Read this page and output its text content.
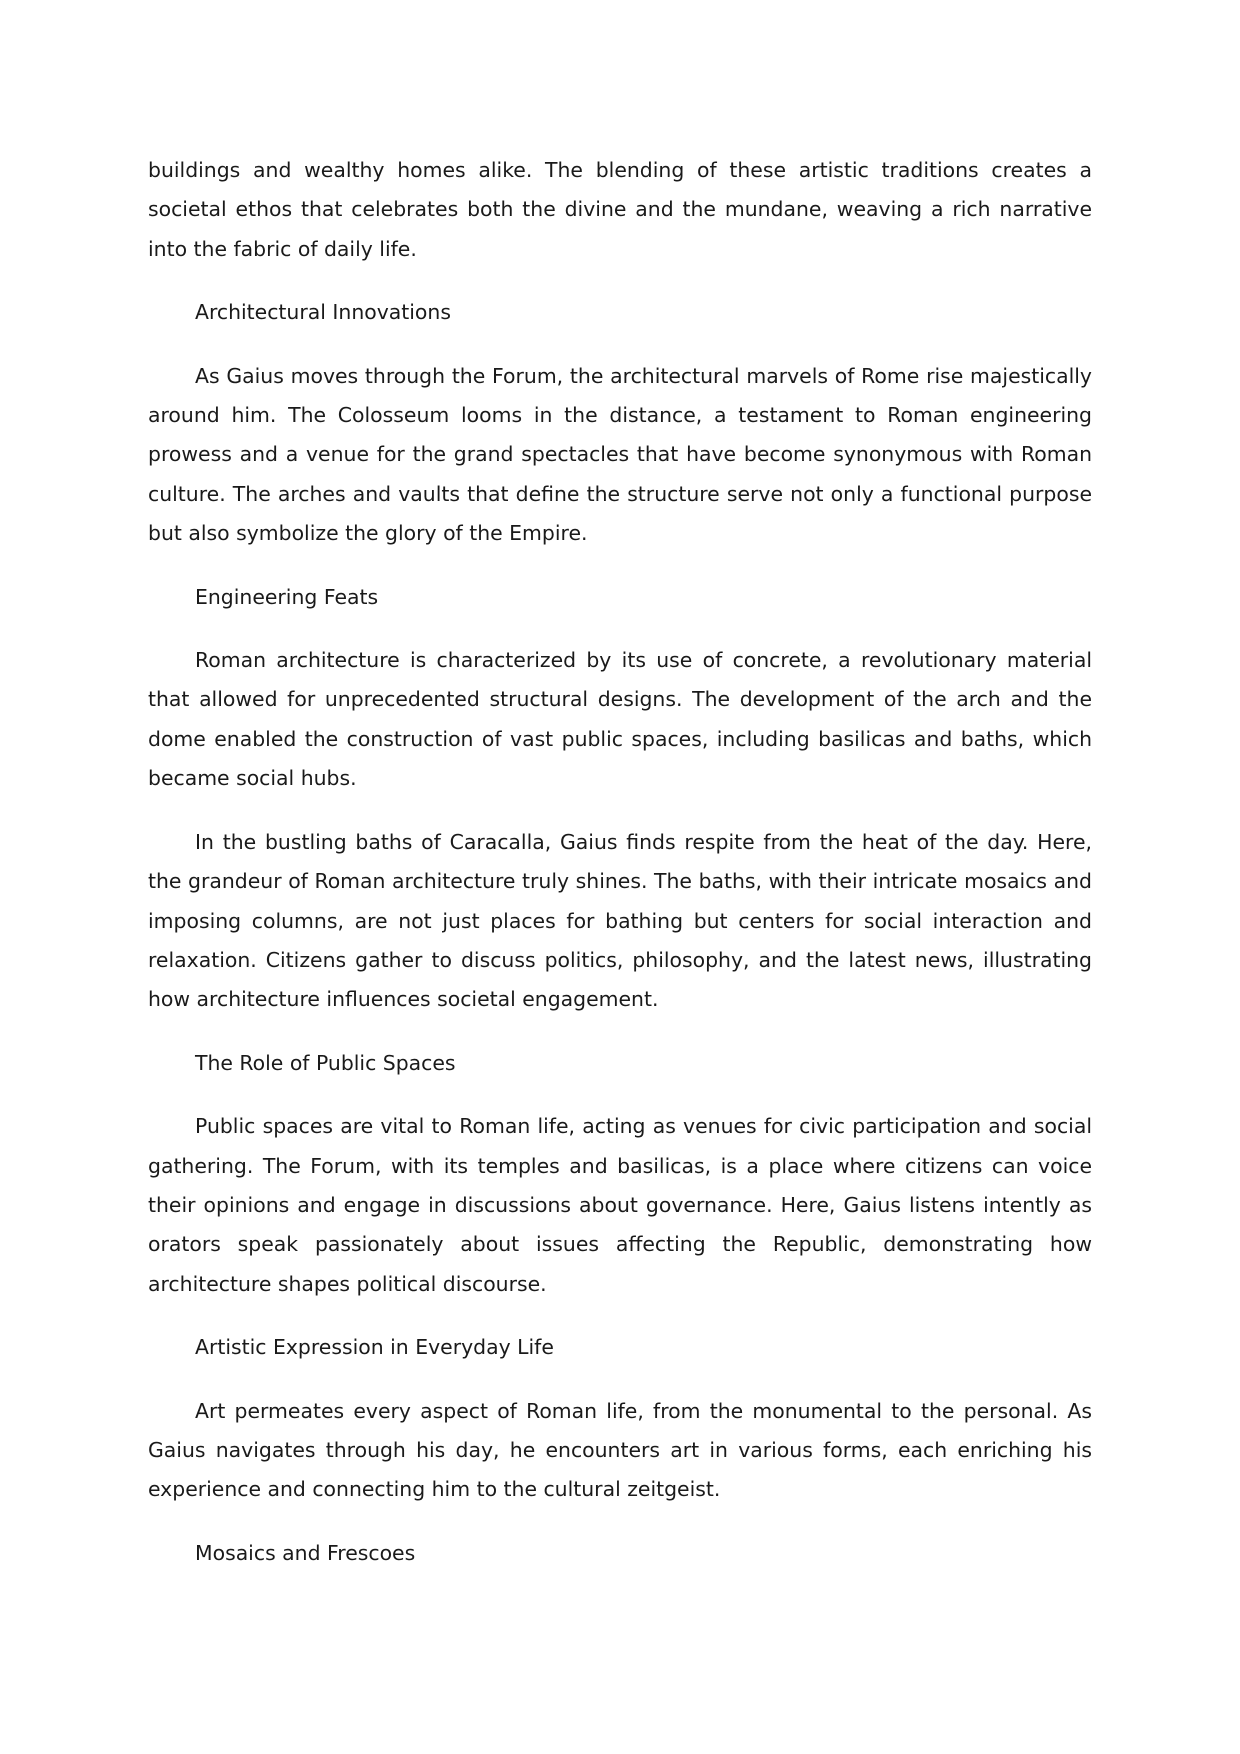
buildings and wealthy homes alike. The blending of these artistic traditions creates a societal ethos that celebrates both the divine and the mundane, weaving a rich narrative into the fabric of daily life.

Architectural Innovations

As Gaius moves through the Forum, the architectural marvels of Rome rise majestically around him. The Colosseum looms in the distance, a testament to Roman engineering prowess and a venue for the grand spectacles that have become synonymous with Roman culture. The arches and vaults that define the structure serve not only a functional purpose but also symbolize the glory of the Empire.

Engineering Feats

Roman architecture is characterized by its use of concrete, a revolutionary material that allowed for unprecedented structural designs. The development of the arch and the dome enabled the construction of vast public spaces, including basilicas and baths, which became social hubs.

In the bustling baths of Caracalla, Gaius finds respite from the heat of the day. Here, the grandeur of Roman architecture truly shines. The baths, with their intricate mosaics and imposing columns, are not just places for bathing but centers for social interaction and relaxation. Citizens gather to discuss politics, philosophy, and the latest news, illustrating how architecture influences societal engagement.

The Role of Public Spaces

Public spaces are vital to Roman life, acting as venues for civic participation and social gathering. The Forum, with its temples and basilicas, is a place where citizens can voice their opinions and engage in discussions about governance. Here, Gaius listens intently as orators speak passionately about issues affecting the Republic, demonstrating how architecture shapes political discourse.

Artistic Expression in Everyday Life

Art permeates every aspect of Roman life, from the monumental to the personal. As Gaius navigates through his day, he encounters art in various forms, each enriching his experience and connecting him to the cultural zeitgeist.

Mosaics and Frescoes
